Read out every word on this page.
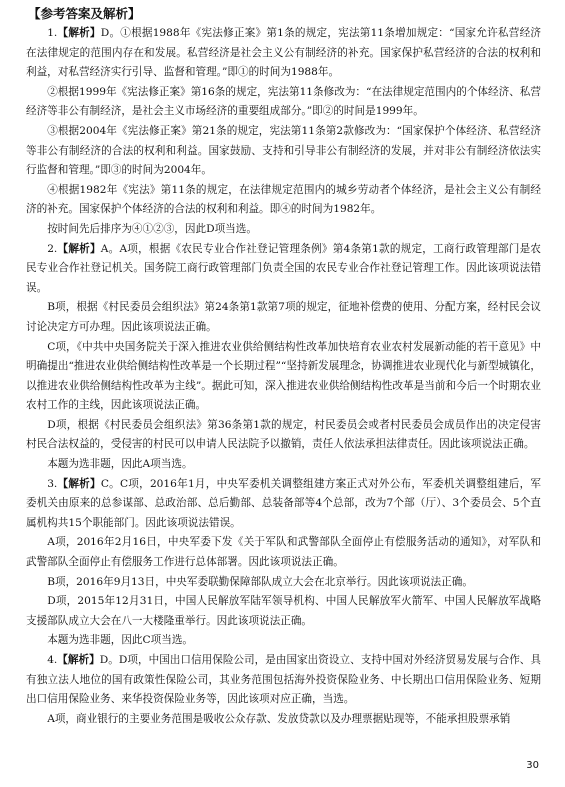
【参考答案及解析】

1.【解析】D。①根据1988年《宪法修正案》第1条的规定，宪法第11条增加规定：“国家允许私营经济在法律规定的范围内存在和发展。私营经济是社会主义公有制经济的补充。国家保护私营经济的合法的权利和利益，对私营经济实行引导、监督和管理。”即①的时间为1988年。

②根据1999年《宪法修正案》第16条的规定，宪法第11条修改为：“在法律规定范围内的个体经济、私营经济等非公有制经济，是社会主义市场经济的重要组成部分。”即②的时间是1999年。

③根据2004年《宪法修正案》第21条的规定，宪法第11条第2款修改为：“国家保护个体经济、私营经济等非公有制经济的合法的权利和利益。国家鼓励、支持和引导非公有制经济的发展，并对非公有制经济依法实行监督和管理。”即③的时间为2004年。

④根据1982年《宪法》第11条的规定，在法律规定范围内的城乡劳动者个体经济，是社会主义公有制经济的补充。国家保护个体经济的合法的权利和利益。即④的时间为1982年。

按时间先后排序为④①②③，因此D项当选。

2.【解析】A。A项，根据《农民专业合作社登记管理条例》第4条第1款的规定，工商行政管理部门是农民专业合作社登记机关。国务院工商行政管理部门负责全国的农民专业合作社登记管理工作。因此该项说法错误。

B项，根据《村民委员会组织法》第24条第1款第7项的规定，征地补偿费的使用、分配方案，经村民会议讨论决定方可办理。因此该项说法正确。

C项，《中共中央国务院关于深入推进农业供给侧结构性改革加快培育农业农村发展新动能的若干意见》中明确提出“推进农业供给侧结构性改革是一个长期过程”“坚持新发展理念，协调推进农业现代化与新型城镇化，以推进农业供给侧结构性改革为主线”。据此可知，深入推进农业供给侧结构性改革是当前和今后一个时期农业农村工作的主线，因此该项说法正确。

D项，根据《村民委员会组织法》第36条第1款的规定，村民委员会或者村民委员会成员作出的决定侵害村民合法权益的，受侵害的村民可以申请人民法院予以撤销，责任人依法承担法律责任。因此该项说法正确。

本题为选非题，因此A项当选。

3.【解析】C。C项，2016年1月，中央军委机关调整组建方案正式对外公布，军委机关调整组建后，军委机关由原来的总参谋部、总政治部、总后勤部、总装备部等4个总部，改为7个部（厅）、3个委员会、5个直属机构共15个职能部门。因此该项说法错误。

A项，2016年2月16日，中央军委下发《关于军队和武警部队全面停止有偿服务活动的通知》，对军队和武警部队全面停止有偿服务工作进行总体部署。因此该项说法正确。

B项，2016年9月13日，中央军委联勤保障部队成立大会在北京举行。因此该项说法正确。

D项，2015年12月31日，中国人民解放军陆军领导机构、中国人民解放军火箭军、中国人民解放军战略支援部队成立大会在八一大楼隆重举行。因此该项说法正确。

本题为选非题，因此C项当选。

4.【解析】D。D项，中国出口信用保险公司，是由国家出资设立、支持中国对外经济贸易发展与合作、具有独立法人地位的国有政策性保险公司，其业务范围包括海外投资保险业务、中长期出口信用保险业务、短期出口信用保险业务、来华投资保险业务等，因此该项对应正确，当选。

A项，商业银行的主要业务范围是吸收公众存款、发放贷款以及办理票据贴现等，不能承担股票承销

30
